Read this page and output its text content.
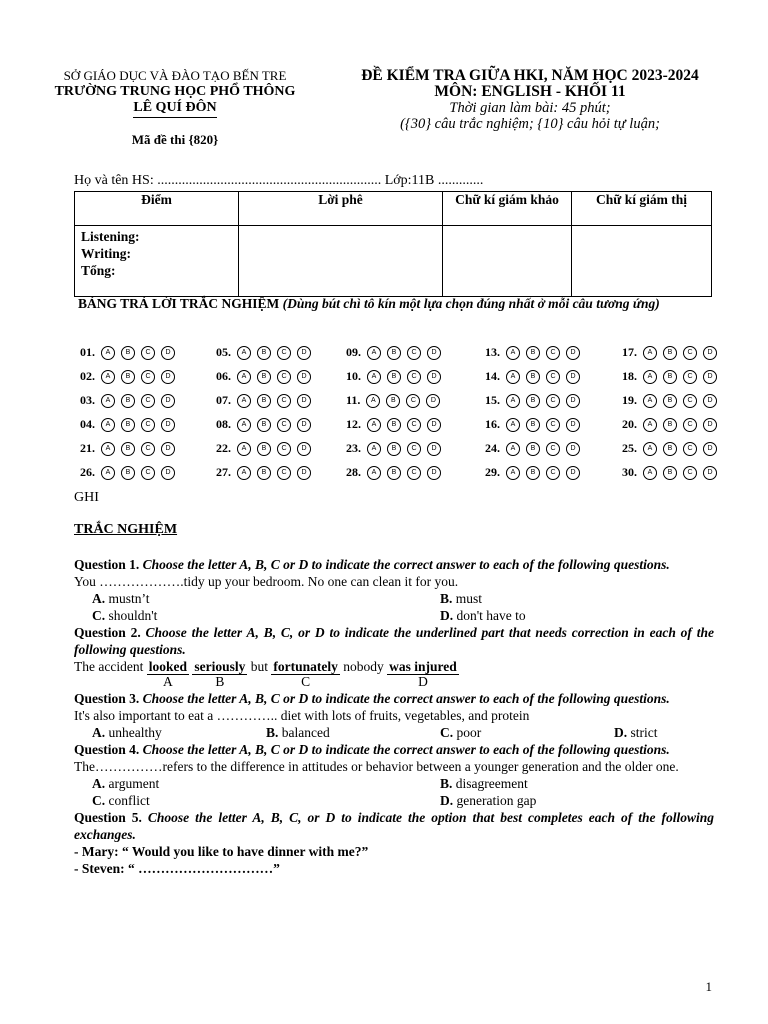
SỞ GIÁO DỤC VÀ ĐÀO TẠO BẾN TRE
TRƯỜNG TRUNG HỌC PHỔ THÔNG
LÊ QUÍ ĐÔN
Mã đề thi {820}
ĐỀ KIỂM TRA GIỮA HKI, NĂM HỌC 2023-2024
MÔN: ENGLISH - KHỐI 11
Thời gian làm bài: 45 phút;
({30} câu trắc nghiệm; {10} câu hỏi tự luận;
Họ và tên HS: ................................................................ Lớp:11B .............
Điểm	Lời phê	Chữ kí giám khảo	Chữ kí giám thị

Listening:
Writing:
Tổng:			

BẢNG TRẢ LỜI TRẮC NGHIỆM (Dùng bút chì tô kín một lựa chọn đúng nhất ở mỗi câu tương ứng)
01.	A	B	C	D	05.	A	B	C	D	09.	A	B	C	D	13.	A	B	C	D	17.	A	B	C	D
02.	A	B	C	D	06.	A	B	C	D	10.	A	B	C	D	14.	A	B	C	D	18.	A	B	C	D
03.	A	B	C	D	07.	A	B	C	D	11.	A	B	C	D	15.	A	B	C	D	19.	A	B	C	D
04.	A	B	C	D	08.	A	B	C	D	12.	A	B	C	D	16.	A	B	C	D	20.	A	B	C	D
21.	A	B	C	D	22.	A	B	C	D	23.	A	B	C	D	24.	A	B	C	D	25.	A	B	C	D
26.	A	B	C	D	27.	A	B	C	D	28.	A	B	C	D	29.	A	B	C	D	30.	A	B	C	D
GHI
TRẮC NGHIỆM
Question 1. Choose the letter A, B, C or D to indicate the correct answer to each of the following questions.
You ……………….tidy up your bedroom. No one can clean it for you.
A. mustn’t	B. must
C. shouldn't	D. don't have to
Question 2. Choose the letter A, B, C, or D to indicate the underlined part that needs correction in each of the following questions.
The accident looked
A
seriously
B
but fortunately
C
nobody was injured
D
Question 3. Choose the letter A, B, C or D to indicate the correct answer to each of the following questions.
It's also important to eat a ………….. diet with lots of fruits, vegetables, and protein
A. unhealthy	B. balanced	C. poor	D. strict
Question 4. Choose the letter A, B, C or D to indicate the correct answer to each of the following questions.
The……………refers to the difference in attitudes or behavior between a younger generation and the older one.
A. argument	B. disagreement
C. conflict	D. generation gap
Question 5. Choose the letter A, B, C, or D to indicate the option that best completes each of the following exchanges.
- Mary: “ Would you like to have dinner with me?”
- Steven: “ …………………………”
1
